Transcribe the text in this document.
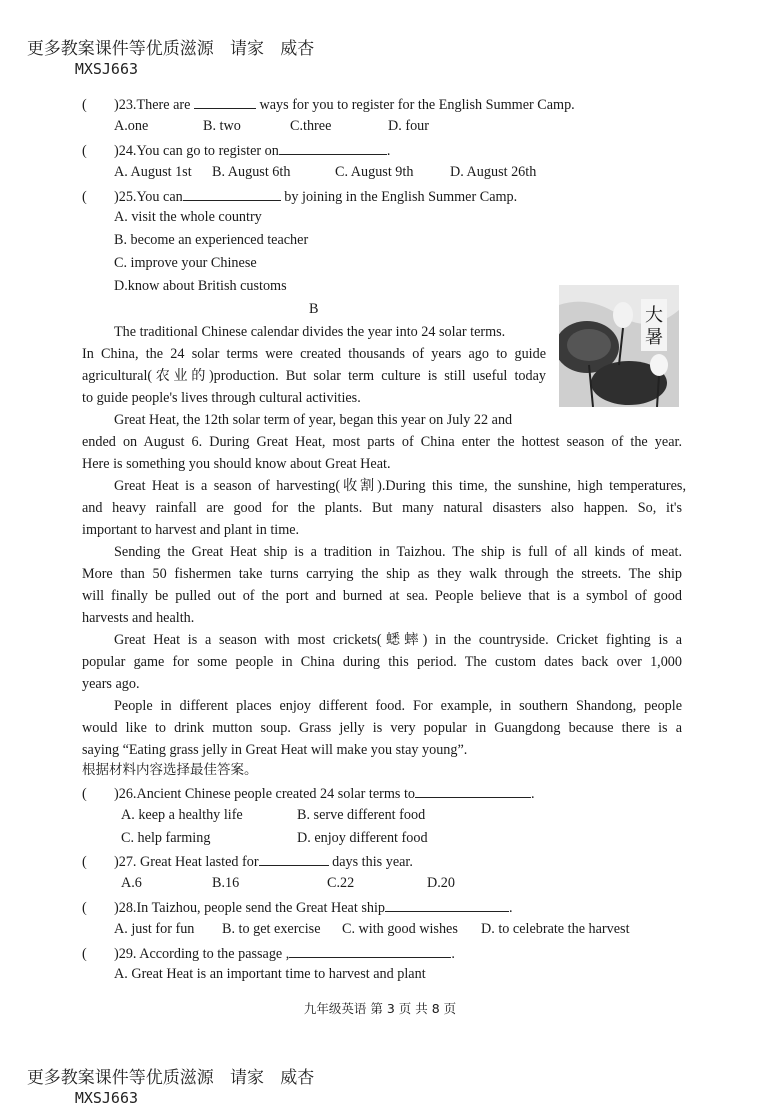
更多教案课件等优质滋源   请家   威杏
MXSJ663

( )23.There are	ways for you to register for the English Summer Camp.
A.one	B. two	C.three	D. four
( )24.You can go to register on	.
A. August 1st B. August 6th	C. August 9th	D. August 26th
( )25.You can	by joining in the English Summer Camp.
A. visit the whole country
B. become an experienced teacher
C. improve your Chinese
D.know about British customs
B	大
暑
The traditional Chinese calendar divides the year into 24 solar terms.
In China, the 24 solar terms were created thousands of years ago to guide
agricultural(农业的)production. But solar term culture is still useful today
to guide people's lives through cultural activities.
Great Heat, the 12th solar term of year, began this year on July 22 and
ended on August 6. During Great Heat, most parts of China enter the hottest season of the year.
Here is something you should know about Great Heat.
Great Heat is a season of harvesting(收割).During this time, the sunshine, high temperatures,
and heavy rainfall are good for the plants. But many natural disasters also happen. So, it's
important to harvest and plant in time.
Sending the Great Heat ship is a tradition in Taizhou. The ship is full of all kinds of meat.
More than 50 fishermen take turns carrying the ship as they walk through the streets. The ship
will finally be pulled out of the port and burned at sea. People believe that is a symbol of good
harvests and health.
Great Heat is a season with most crickets(蟋蟀) in the countryside. Cricket fighting is a
popular game for some people in China during this period. The custom dates back over 1,000
years ago.
People in different places enjoy different food. For example, in southern Shandong, people
would like to drink mutton soup. Grass jelly is very popular in Guangdong because there is a
saying “Eating grass jelly in Great Heat will make you stay young”.
根据材料内容选择最佳答案。
( )26.Ancient Chinese people created 24 solar terms to	.
A. keep a healthy life	B. serve different food
C. help farming	D. enjoy different food
( )27. Great Heat lasted for	days this year.
A.6	B.16	C.22	D.20
( )28.In Taizhou, people send the Great Heat ship	.
A. just for fun B. to get exercise C. with good wishes D. to celebrate the harvest
( )29. According to the passage ,	.
A. Great Heat is an important time to harvest and plant
九年级英语 第 3 页 共 8 页

更多教案课件等优质滋源   请家   威杏
MXSJ663
